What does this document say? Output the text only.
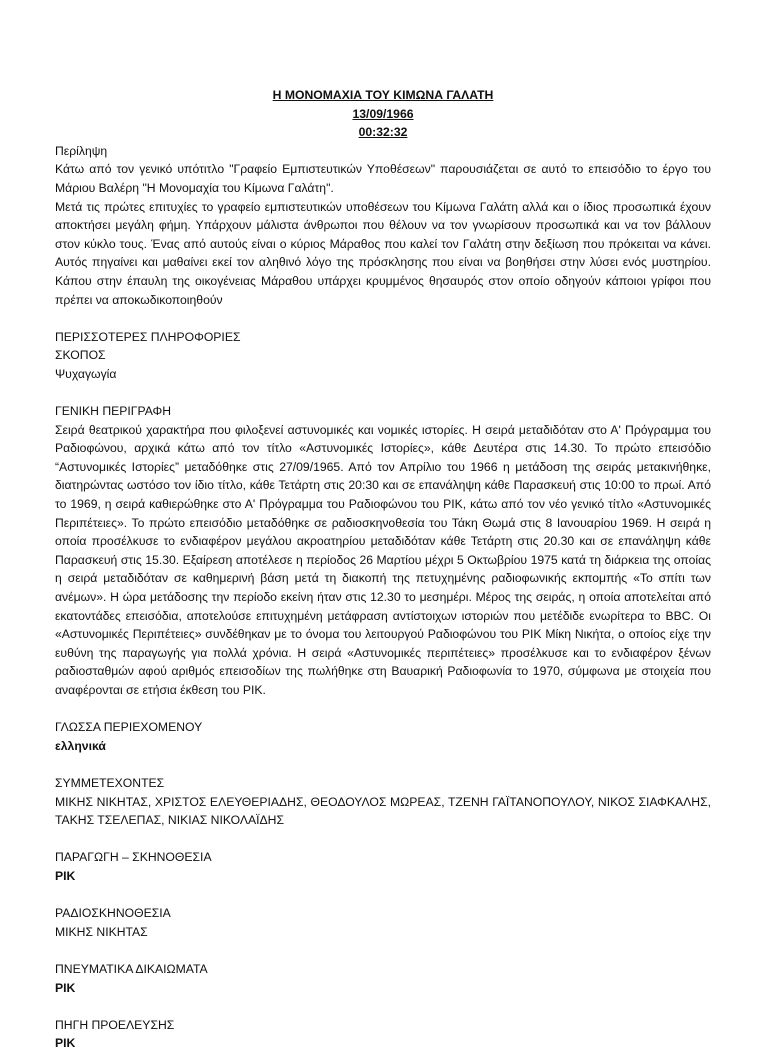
Η ΜΟΝΟΜΑΧΙΑ ΤΟΥ ΚΙΜΩΝΑ ΓΑΛΑΤΗ
13/09/1966
00:32:32
Περίληψη

Κάτω από τον γενικό υπότιτλο "Γραφείο Εμπιστευτικών Υποθέσεων" παρουσιάζεται σε αυτό το επεισόδιο το έργο του Μάριου Βαλέρη "Η Μονομαχία του Κίμωνα Γαλάτη".

Μετά τις πρώτες επιτυχίες το γραφείο εμπιστευτικών υποθέσεων του Κίμωνα Γαλάτη αλλά και ο ίδιος προσωπικά έχουν αποκτήσει μεγάλη φήμη. Υπάρχουν μάλιστα άνθρωποι που θέλουν να τον γνωρίσουν προσωπικά και να τον βάλλουν στον κύκλο τους. Ένας από αυτούς είναι ο κύριος Μάραθος που καλεί τον Γαλάτη στην δεξίωση που πρόκειται να κάνει. Αυτός πηγαίνει και μαθαίνει εκεί τον αληθινό λόγο της πρόσκλησης που είναι να βοηθήσει στην λύσει ενός μυστηρίου. Κάπου στην έπαυλη της οικογένειας Μάραθου υπάρχει κρυμμένος θησαυρός στον οποίο οδηγούν κάποιοι γρίφοι που πρέπει να αποκωδικοποιηθούν

ΠΕΡΙΣΣΟΤΕΡΕΣ ΠΛΗΡΟΦΟΡΙΕΣ
ΣΚΟΠΟΣ
Ψυχαγωγία
ΓΕΝΙΚΗ ΠΕΡΙΓΡΑΦΗ

Σειρά θεατρικού χαρακτήρα που φιλοξενεί αστυνομικές και νομικές ιστορίες. Η σειρά μεταδιδόταν στο Α' Πρόγραμμα του Ραδιοφώνου, αρχικά κάτω από τον τίτλο «Αστυνομικές Ιστορίες», κάθε Δευτέρα στις 14.30. Το πρώτο επεισόδιο “Αστυνομικές Ιστορίες” μεταδόθηκε στις 27/09/1965. Από τον Απρίλιο του 1966 η μετάδοση της σειράς μετακινήθηκε, διατηρώντας ωστόσο τον ίδιο τίτλο, κάθε Τετάρτη στις 20:30 και σε επανάληψη κάθε Παρασκευή στις 10:00 το πρωί. Από το 1969, η σειρά καθιερώθηκε στο Α' Πρόγραμμα του Ραδιοφώνου του ΡΙΚ, κάτω από τον νέο γενικό τίτλο «Αστυνομικές Περιπέτειες». Το πρώτο επεισόδιο μεταδόθηκε σε ραδιοσκηνοθεσία του Τάκη Θωμά στις 8 Ιανουαρίου 1969. Η σειρά η οποία προσέλκυσε το ενδιαφέρον μεγάλου ακροατηρίου μεταδιδόταν κάθε Τετάρτη στις 20.30 και σε επανάληψη κάθε Παρασκευή στις 15.30. Εξαίρεση αποτέλεσε η περίοδος 26 Μαρτίου μέχρι 5 Οκτωβρίου 1975 κατά τη διάρκεια της οποίας η σειρά μεταδιδόταν σε καθημερινή βάση μετά τη διακοπή της πετυχημένης ραδιοφωνικής εκπομπής «Το σπίτι των ανέμων». Η ώρα μετάδοσης την περίοδο εκείνη ήταν στις 12.30 το μεσημέρι. Μέρος της σειράς, η οποία αποτελείται από εκατοντάδες επεισόδια, αποτελούσε επιτυχημένη μετάφραση αντίστοιχων ιστοριών που μετέδιδε ενωρίτερα το BBC. Οι «Αστυνομικές Περιπέτειες» συνδέθηκαν με το όνομα του λειτουργού Ραδιοφώνου του ΡΙΚ Μίκη Νικήτα, ο οποίος είχε την ευθύνη της παραγωγής για πολλά χρόνια. Η σειρά «Αστυνομικές περιπέτειες» προσέλκυσε και το ενδιαφέρον ξένων ραδιοσταθμών αφού αριθμός επεισοδίων της πωλήθηκε στη Βαυαρική Ραδιοφωνία το 1970, σύμφωνα με στοιχεία που αναφέρονται σε ετήσια έκθεση του ΡΙΚ.

ΓΛΩΣΣΑ ΠΕΡΙΕΧΟΜΕΝΟΥ
ελληνικά
ΣΥΜΜΕΤΕΧΟΝΤΕΣ

ΜΙΚΗΣ ΝΙΚΗΤΑΣ, ΧΡΙΣΤΟΣ ΕΛΕΥΘΕΡΙΑΔΗΣ, ΘΕΟΔΟΥΛΟΣ ΜΩΡΕΑΣ, ΤΖΕΝΗ ΓΑΪΤΑΝΟΠΟΥΛΟΥ, ΝΙΚΟΣ ΣΙΑΦΚΑΛΗΣ, ΤΑΚΗΣ ΤΣΕΛΕΠΑΣ, ΝΙΚΙΑΣ ΝΙΚΟΛΑΪΔΗΣ

ΠΑΡΑΓΩΓΗ – ΣΚΗΝΟΘΕΣΙΑ
ΡΙΚ
ΡΑΔΙΟΣΚΗΝΟΘΕΣΙΑ
ΜΙΚΗΣ ΝΙΚΗΤΑΣ
ΠΝΕΥΜΑΤΙΚΑ ΔΙΚΑΙΩΜΑΤΑ
ΡΙΚ
ΠΗΓΗ ΠΡΟΕΛΕΥΣΗΣ
ΡΙΚ
